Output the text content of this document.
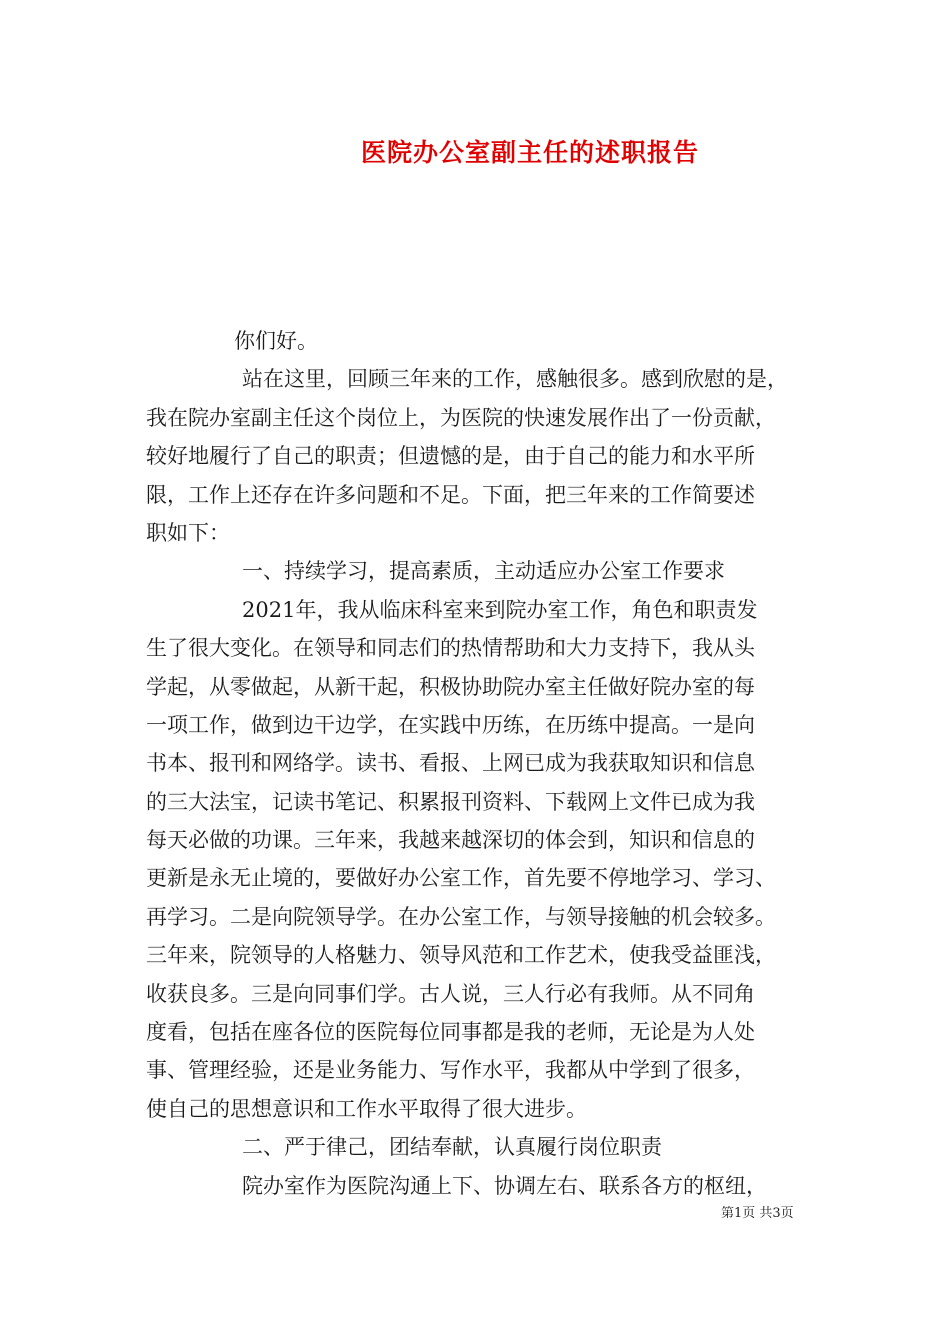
医院办公室副主任的述职报告
你们好。
站在这里，回顾三年来的工作，感触很多。感到欣慰的是，
我在院办室副主任这个岗位上，为医院的快速发展作出了一份贡献，
较好地履行了自己的职责；但遗憾的是，由于自己的能力和水平所
限，工作上还存在许多问题和不足。下面，把三年来的工作简要述
职如下：
一、持续学习，提高素质，主动适应办公室工作要求
2021年，我从临床科室来到院办室工作，角色和职责发
生了很大变化。在领导和同志们的热情帮助和大力支持下，我从头
学起，从零做起，从新干起，积极协助院办室主任做好院办室的每
一项工作，做到边干边学，在实践中历练，在历练中提高。一是向
书本、报刊和网络学。读书、看报、上网已成为我获取知识和信息
的三大法宝，记读书笔记、积累报刊资料、下载网上文件已成为我
每天必做的功课。三年来，我越来越深切的体会到，知识和信息的
更新是永无止境的，要做好办公室工作，首先要不停地学习、学习、
再学习。二是向院领导学。在办公室工作，与领导接触的机会较多。
三年来，院领导的人格魅力、领导风范和工作艺术，使我受益匪浅，
收获良多。三是向同事们学。古人说，三人行必有我师。从不同角
度看，包括在座各位的医院每位同事都是我的老师，无论是为人处
事、管理经验，还是业务能力、写作水平，我都从中学到了很多，
使自己的思想意识和工作水平取得了很大进步。
二、严于律己，团结奉献，认真履行岗位职责
院办室作为医院沟通上下、协调左右、联系各方的枢纽，
第1页 共3页
